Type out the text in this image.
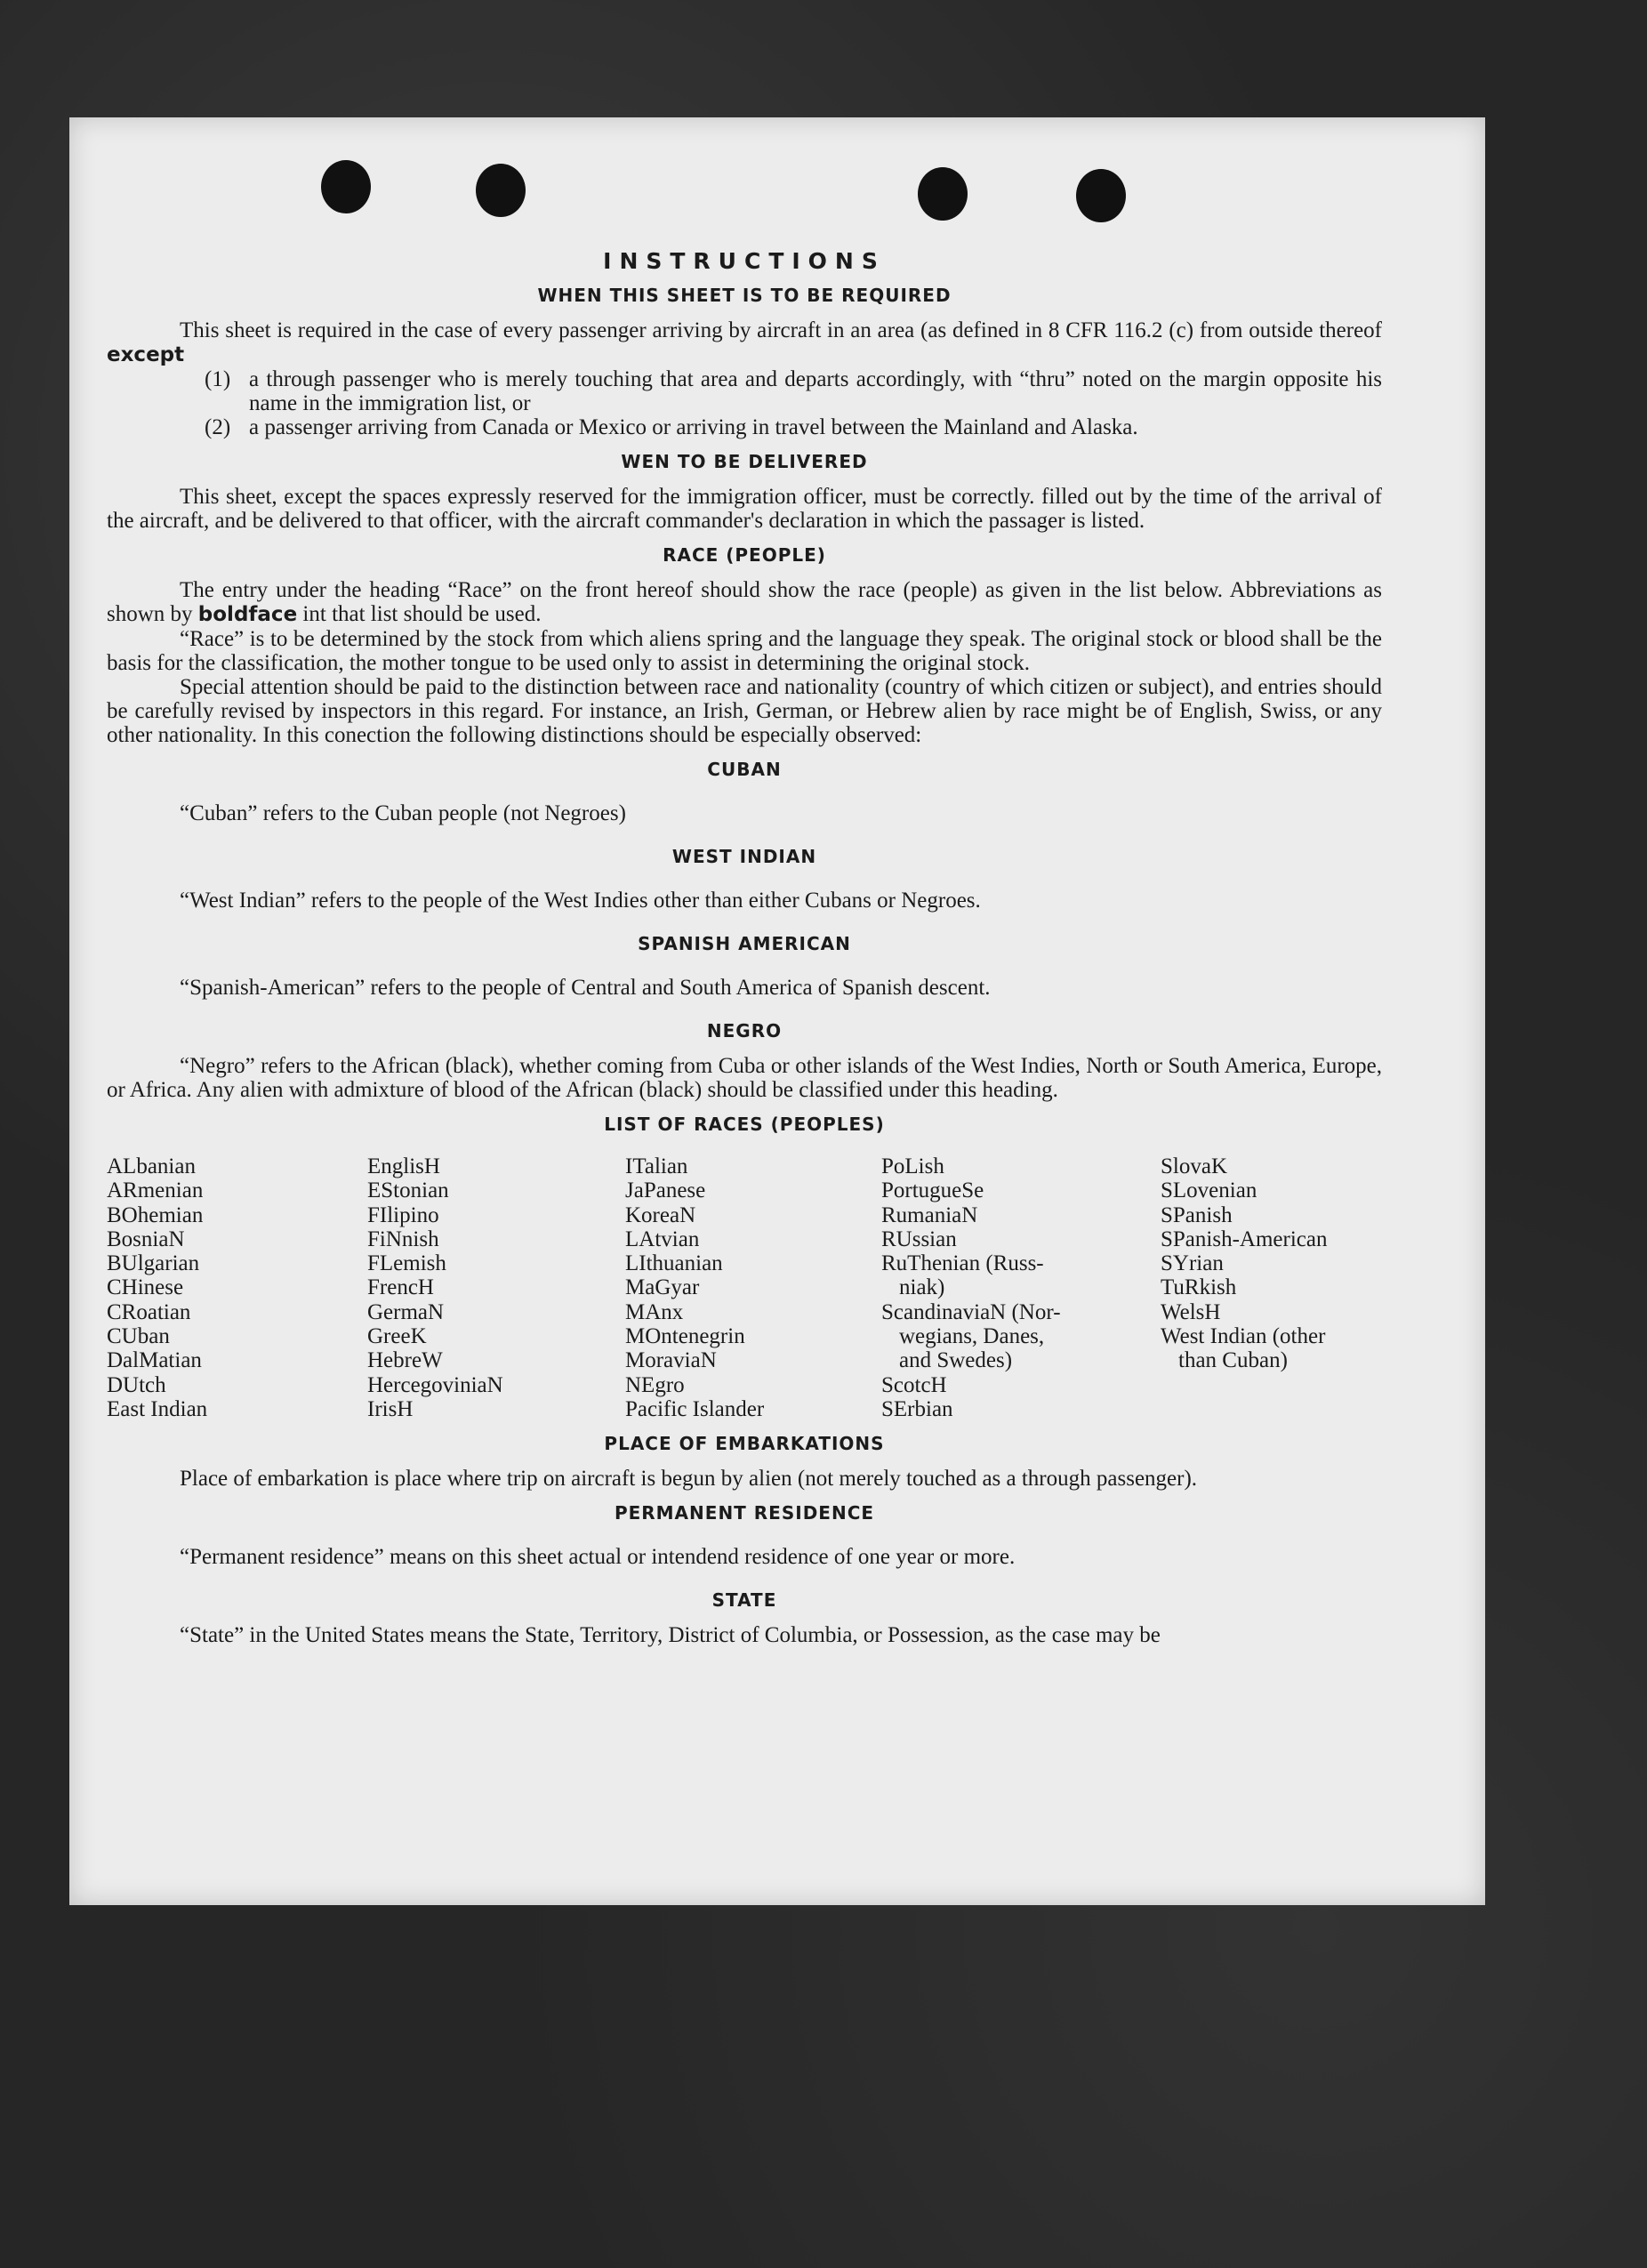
INSTRUCTIONS
WHEN THIS SHEET IS TO BE REQUIRED

This sheet is required in the case of every passenger arriving by aircraft in an area (as defined in 8 CFR 116.2 (c) from outside thereof except

(1) a through passenger who is merely touching that area and departs accordingly, with “thru” noted on the margin opposite his name in the immigration list, or
(2) a passenger arriving from Canada or Mexico or arriving in travel between the Mainland and Alaska.
WEN TO BE DELIVERED

This sheet, except the spaces expressly reserved for the immigration officer, must be correctly. filled out by the time of the arrival of the aircraft, and be delivered to that officer, with the aircraft commander's declaration in which the passager is listed.

RACE (PEOPLE)

The entry under the heading “Race” on the front hereof should show the race (people) as given in the list below. Abbreviations as shown by boldface int that list should be used.

“Race” is to be determined by the stock from which aliens spring and the language they speak. The original stock or blood shall be the basis for the classification, the mother tongue to be used only to assist in determining the original stock.

Special attention should be paid to the distinction between race and nationality (country of which citizen or subject), and entries should be carefully revised by inspectors in this regard. For instance, an Irish, German, or Hebrew alien by race might be of English, Swiss, or any other nationality. In this conection the following distinctions should be especially observed:

CUBAN

“Cuban” refers to the Cuban people (not Negroes)

WEST INDIAN

“West Indian” refers to the people of the West Indies other than either Cubans or Negroes.

SPANISH AMERICAN

“Spanish-American” refers to the people of Central and South America of Spanish descent.

NEGRO

“Negro” refers to the African (black), whether coming from Cuba or other islands of the West Indies, North or South America, Europe, or Africa. Any alien with admixture of blood of the African (black) should be classified under this heading.

LIST OF RACES (PEOPLES)
ALbanian
ARmenian
BOhemian
BosniaN
BUlgarian
CHinese
CRoatian
CUban
DalMatian
DUtch
East Indian
EnglisH
EStonian
FIlipino
FiNnish
FLemish
FrencH
GermaN
GreeK
HebreW
HercegoviniaN
IrisH
ITalian
JaPanese
KoreaN
LAtvian
LIthuanian
MaGyar
MAnx
MOntenegrin
MoraviaN
NEgro
Pacific Islander
PoLish
PortugueSe
RumaniaN
RUssian
RuThenian (Russ-
niak)
ScandinaviaN (Nor-
wegians, Danes,
and Swedes)
ScotcH
SErbian
SlovaK
SLovenian
SPanish
SPanish-American
SYrian
TuRkish
WelsH
West Indian (other
than Cuban)
PLACE OF EMBARKATIONS

Place of embarkation is place where trip on aircraft is begun by alien (not merely touched as a through passenger).

PERMANENT RESIDENCE

“Permanent residence” means on this sheet actual or intendend residence of one year or more.

STATE

“State” in the United States means the State, Territory, District of Columbia, or Possession, as the case may be
